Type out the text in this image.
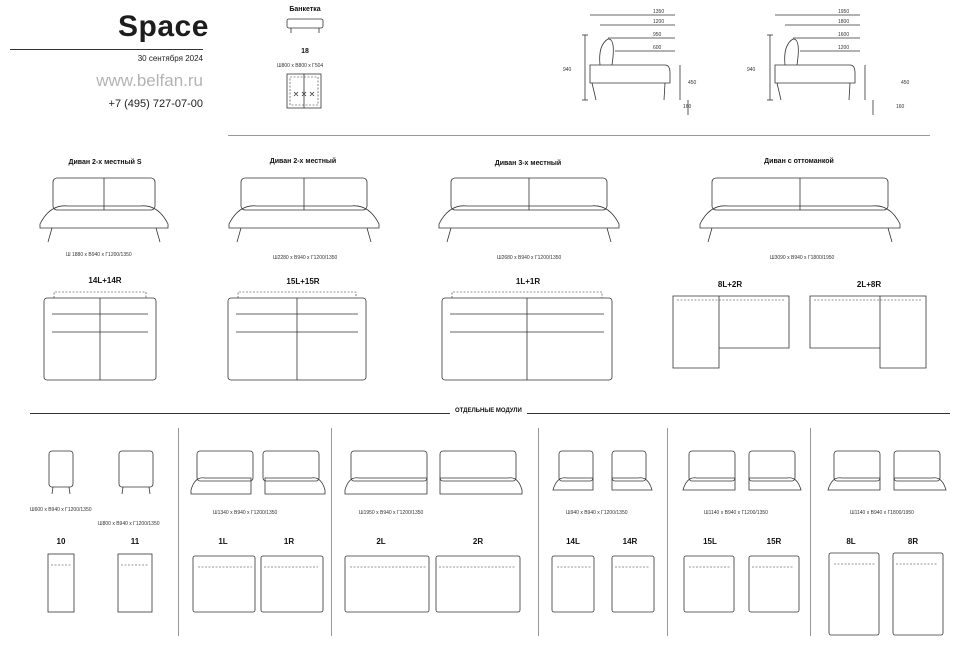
Space
30 сентября 2024
www.belfan.ru
+7 (495) 727-07-00
Банкетка
18
Ш800 х В800 х Г504
1350
1200
950
600
940
450
160
1950
1800
1600
1200
940
450
160
Диван 2-х местный S	Диван 2-х местный	Диван 3-х местный	Диван с оттоманкой
Ш 1880 х В940 х Г1200/1350	Ш2280 х В940 х Г1200/1350	Ш2680 х В940 х Г1200/1350	Ш3090 х В940 х Г1800/1950
14L+14R	15L+15R	1L+1R	8L+2R	2L+8R
ОТДЕЛЬНЫЕ МОДУЛИ
Ш600 х В940 х Г1200/1350
Ш800 х В940 х Г1200/1350
10	11
Ш1340 х В940 х Г1200/1350
1L	1R
Ш1950 х В940 х Г1200/1350
2L	2R
Ш940 х В940 х Г1200/1350
14L	14R
Ш1140 х В940 х Г1200/1350
15L	15R
Ш1140 х В940 х Г1800/1950
8L	8R
